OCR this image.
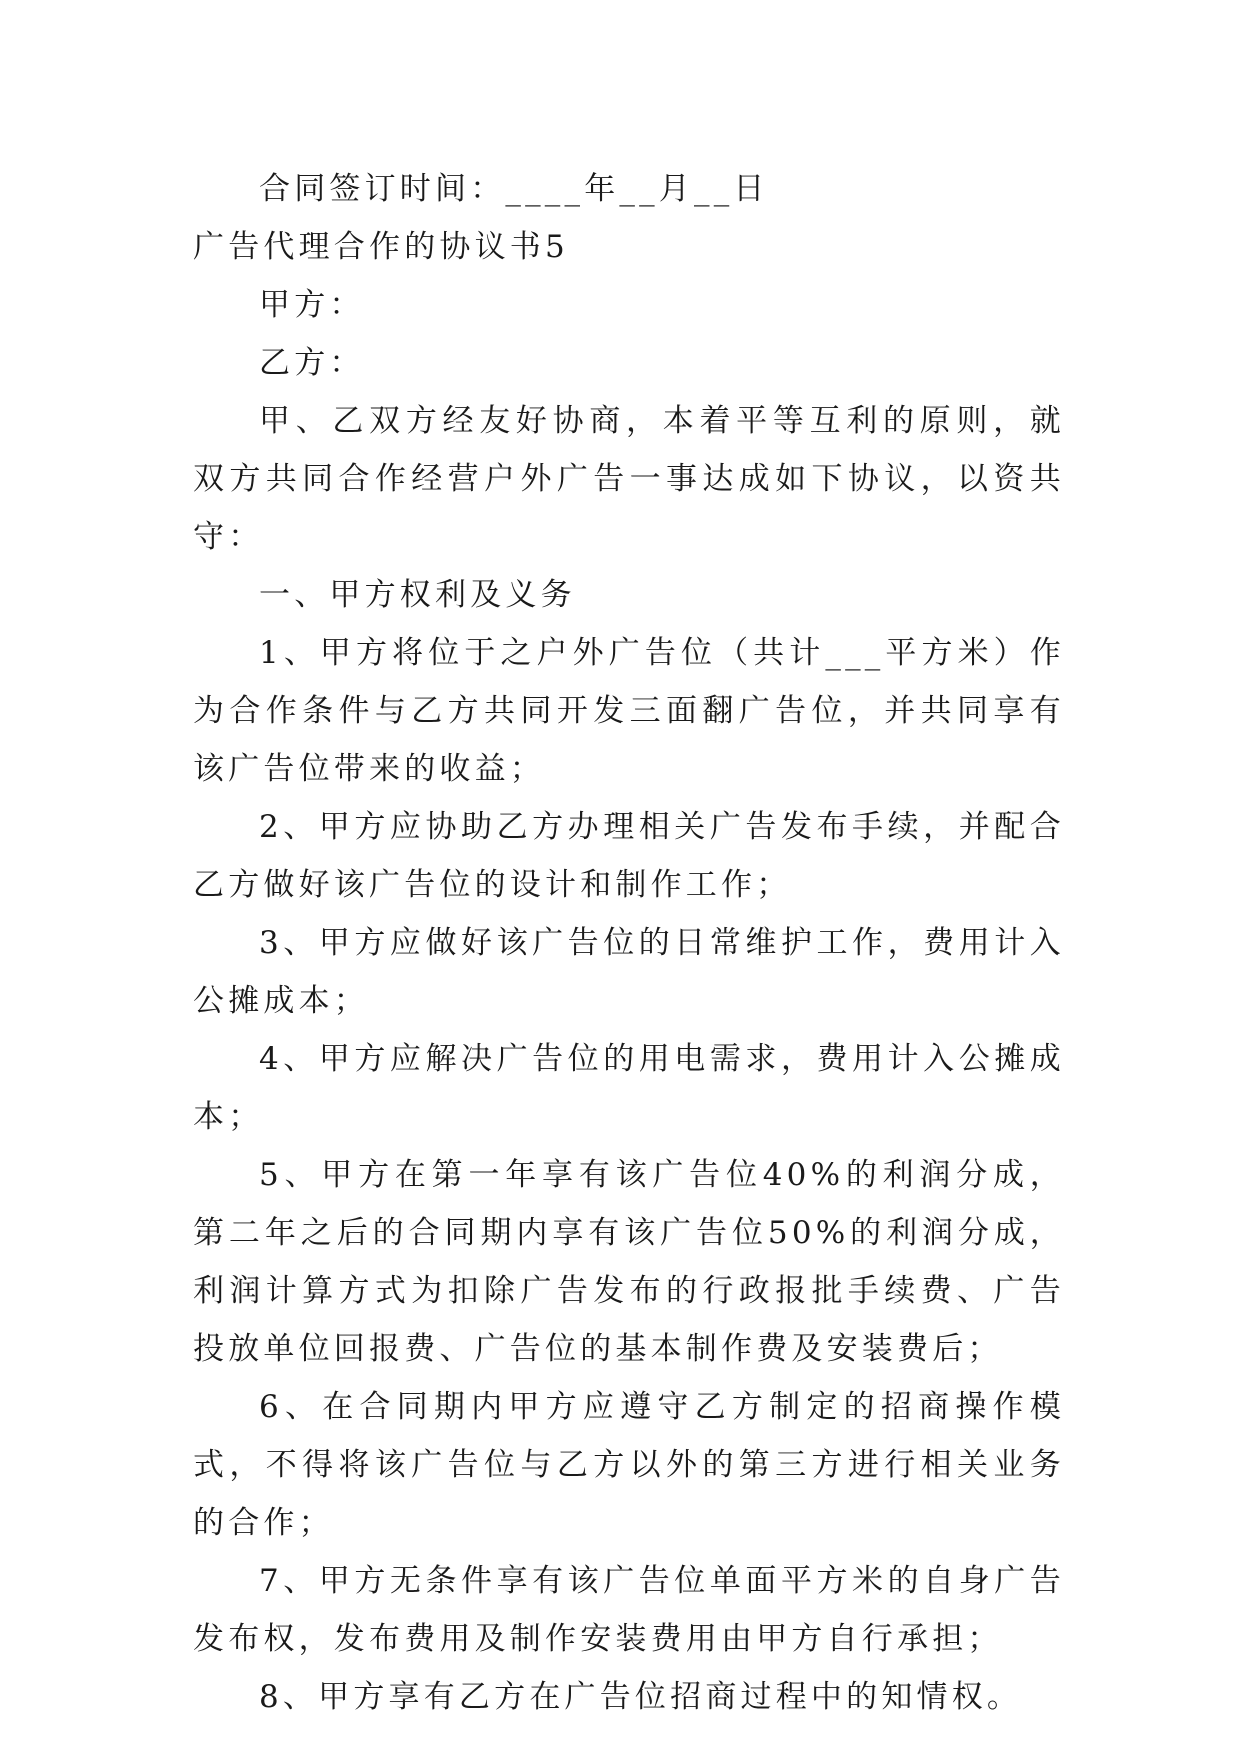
合同签订时间：____年__月__日

广告代理合作的协议书5

甲方：

乙方：

甲、乙双方经友好协商，本着平等互利的原则，就双方共同合作经营户外广告一事达成如下协议，以资共守：

一、甲方权利及义务

1、甲方将位于之户外广告位（共计___平方米）作为合作条件与乙方共同开发三面翻广告位，并共同享有该广告位带来的收益；

2、甲方应协助乙方办理相关广告发布手续，并配合乙方做好该广告位的设计和制作工作；

3、甲方应做好该广告位的日常维护工作，费用计入公摊成本；

4、甲方应解决广告位的用电需求，费用计入公摊成本；

5、甲方在第一年享有该广告位40%的利润分成，第二年之后的合同期内享有该广告位50%的利润分成，利润计算方式为扣除广告发布的行政报批手续费、广告投放单位回报费、广告位的基本制作费及安装费后；

6、在合同期内甲方应遵守乙方制定的招商操作模式，不得将该广告位与乙方以外的第三方进行相关业务的合作；

7、甲方无条件享有该广告位单面平方米的自身广告发布权，发布费用及制作安装费用由甲方自行承担；

8、甲方享有乙方在广告位招商过程中的知情权。
